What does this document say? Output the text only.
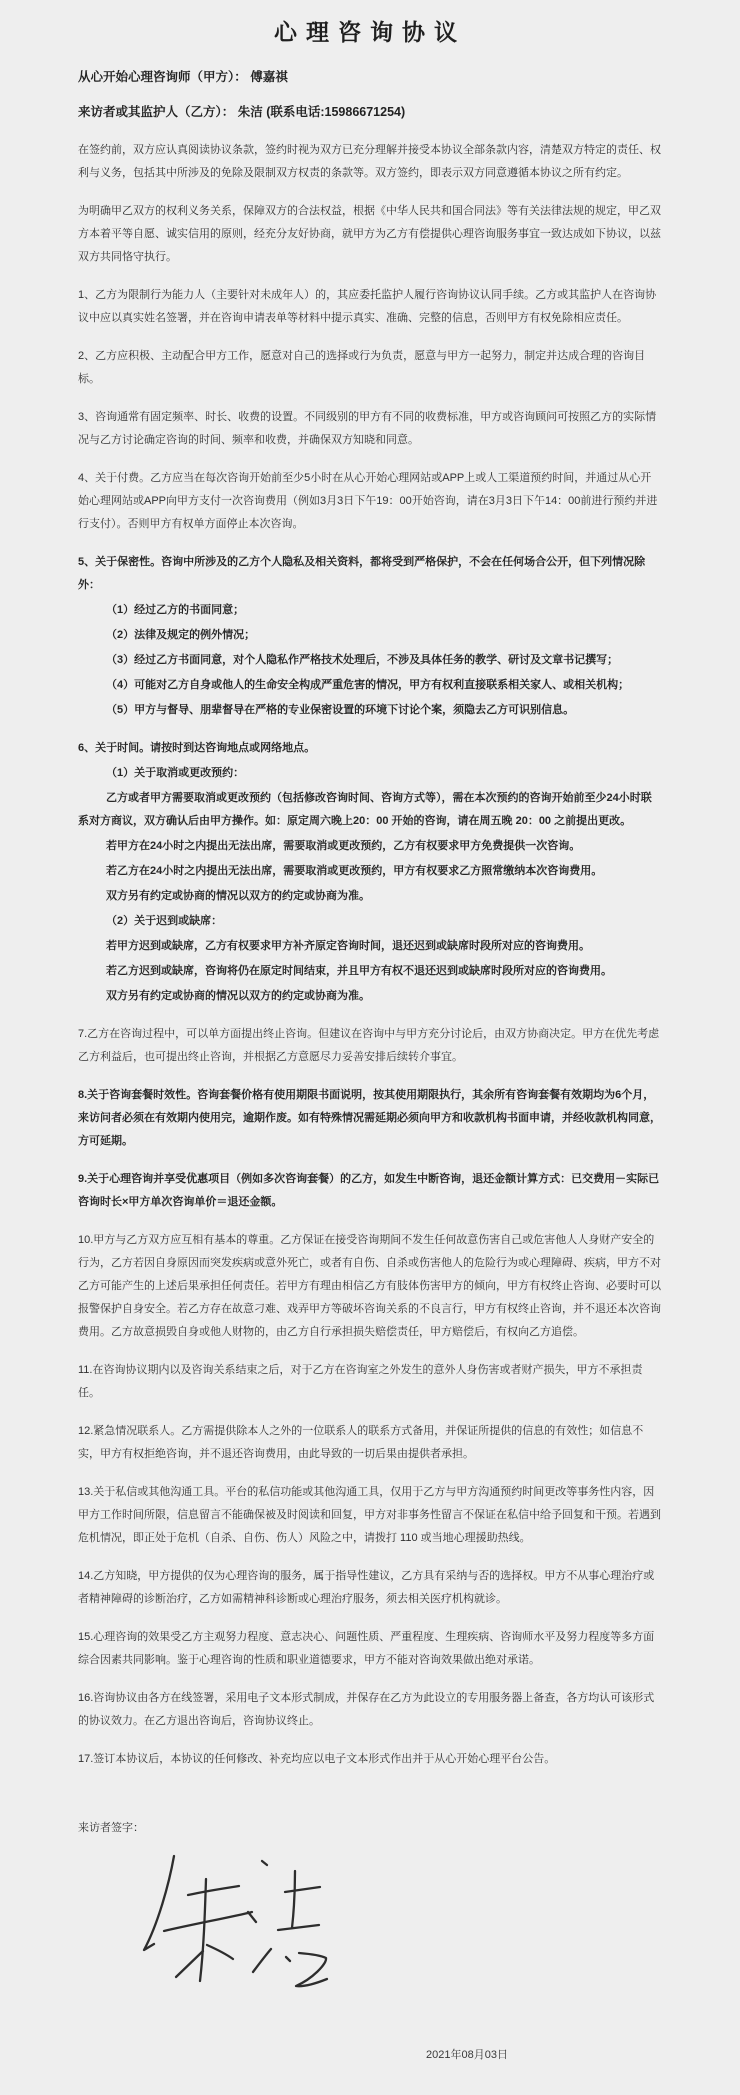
心理咨询协议
从心开始心理咨询师（甲方）： 傅嘉祺
来访者或其监护人（乙方）： 朱洁 (联系电话:15986671254)

在签约前，双方应认真阅读协议条款，签约时视为双方已充分理解并接受本协议全部条款内容，清楚双方特定的责任、权利与义务，包括其中所涉及的免除及限制双方权责的条款等。双方签约，即表示双方同意遵循本协议之所有约定。

为明确甲乙双方的权利义务关系，保障双方的合法权益，根据《中华人民共和国合同法》等有关法律法规的规定，甲乙双方本着平等自愿、诚实信用的原则，经充分友好协商，就甲方为乙方有偿提供心理咨询服务事宜一致达成如下协议，以兹双方共同恪守执行。

1、乙方为限制行为能力人（主要针对未成年人）的，其应委托监护人履行咨询协议认同手续。乙方或其监护人在咨询协议中应以真实姓名签署，并在咨询申请表单等材料中提示真实、准确、完整的信息，否则甲方有权免除相应责任。

2、乙方应积极、主动配合甲方工作，愿意对自己的选择或行为负责，愿意与甲方一起努力，制定并达成合理的咨询目标。

3、咨询通常有固定频率、时长、收费的设置。不同级别的甲方有不同的收费标准，甲方或咨询顾问可按照乙方的实际情况与乙方讨论确定咨询的时间、频率和收费，并确保双方知晓和同意。

4、关于付费。乙方应当在每次咨询开始前至少5小时在从心开始心理网站或APP上或人工渠道预约时间，并通过从心开始心理网站或APP向甲方支付一次咨询费用（例如3月3日下午19：00开始咨询，请在3月3日下午14：00前进行预约并进行支付）。否则甲方有权单方面停止本次咨询。

5、关于保密性。咨询中所涉及的乙方个人隐私及相关资料，都将受到严格保护，不会在任何场合公开，但下列情况除外：

（1）经过乙方的书面同意；

（2）法律及规定的例外情况；

（3）经过乙方书面同意，对个人隐私作严格技术处理后，不涉及具体任务的教学、研讨及文章书记撰写；

（4）可能对乙方自身或他人的生命安全构成严重危害的情况，甲方有权利直接联系相关家人、或相关机构；

（5）甲方与督导、朋辈督导在严格的专业保密设置的环境下讨论个案，须隐去乙方可识别信息。

6、关于时间。请按时到达咨询地点或网络地点。

（1）关于取消或更改预约：

乙方或者甲方需要取消或更改预约（包括修改咨询时间、咨询方式等），需在本次预约的咨询开始前至少24小时联系对方商议，双方确认后由甲方操作。如：原定周六晚上20：00 开始的咨询，请在周五晚 20：00 之前提出更改。

若甲方在24小时之内提出无法出席，需要取消或更改预约，乙方有权要求甲方免费提供一次咨询。

若乙方在24小时之内提出无法出席，需要取消或更改预约，甲方有权要求乙方照常缴纳本次咨询费用。

双方另有约定或协商的情况以双方的约定或协商为准。

（2）关于迟到或缺席：

若甲方迟到或缺席，乙方有权要求甲方补齐原定咨询时间，退还迟到或缺席时段所对应的咨询费用。

若乙方迟到或缺席，咨询将仍在原定时间结束，并且甲方有权不退还迟到或缺席时段所对应的咨询费用。

双方另有约定或协商的情况以双方的约定或协商为准。

7.乙方在咨询过程中，可以单方面提出终止咨询。但建议在咨询中与甲方充分讨论后，由双方协商决定。甲方在优先考虑乙方利益后，也可提出终止咨询，并根据乙方意愿尽力妥善安排后续转介事宜。

8.关于咨询套餐时效性。咨询套餐价格有使用期限书面说明，按其使用期限执行，其余所有咨询套餐有效期均为6个月，来访问者必须在有效期内使用完，逾期作废。如有特殊情况需延期必须向甲方和收款机构书面申请，并经收款机构同意，方可延期。

9.关于心理咨询并享受优惠项目（例如多次咨询套餐）的乙方，如发生中断咨询，退还金额计算方式：已交费用－实际已咨询时长×甲方单次咨询单价＝退还金额。

10.甲方与乙方双方应互相有基本的尊重。乙方保证在接受咨询期间不发生任何故意伤害自己或危害他人人身财产安全的行为，乙方若因自身原因而突发疾病或意外死亡，或者有自伤、自杀或伤害他人的危险行为或心理障碍、疾病，甲方不对乙方可能产生的上述后果承担任何责任。若甲方有理由相信乙方有肢体伤害甲方的倾向，甲方有权终止咨询、必要时可以报警保护自身安全。若乙方存在故意刁难、戏弄甲方等破坏咨询关系的不良言行，甲方有权终止咨询，并不退还本次咨询费用。乙方故意损毁自身或他人财物的，由乙方自行承担损失赔偿责任，甲方赔偿后，有权向乙方追偿。

11.在咨询协议期内以及咨询关系结束之后，对于乙方在咨询室之外发生的意外人身伤害或者财产损失，甲方不承担责任。

12.紧急情况联系人。乙方需提供除本人之外的一位联系人的联系方式备用，并保证所提供的信息的有效性；如信息不实，甲方有权拒绝咨询，并不退还咨询费用，由此导致的一切后果由提供者承担。

13.关于私信或其他沟通工具。平台的私信功能或其他沟通工具，仅用于乙方与甲方沟通预约时间更改等事务性内容，因甲方工作时间所限，信息留言不能确保被及时阅读和回复，甲方对非事务性留言不保证在私信中给予回复和干预。若遇到危机情况，即正处于危机（自杀、自伤、伤人）风险之中，请拨打 110 或当地心理援助热线。

14.乙方知晓，甲方提供的仅为心理咨询的服务，属于指导性建议，乙方具有采纳与否的选择权。甲方不从事心理治疗或者精神障碍的诊断治疗，乙方如需精神科诊断或心理治疗服务，须去相关医疗机构就诊。

15.心理咨询的效果受乙方主观努力程度、意志决心、问题性质、严重程度、生理疾病、咨询师水平及努力程度等多方面综合因素共同影响。鉴于心理咨询的性质和职业道德要求，甲方不能对咨询效果做出绝对承诺。

16.咨询协议由各方在线签署，采用电子文本形式制成，并保存在乙方为此设立的专用服务器上备查，各方均认可该形式的协议效力。在乙方退出咨询后，咨询协议终止。

17.签订本协议后，本协议的任何修改、补充均应以电子文本形式作出并于从心开始心理平台公告。

来访者签字：

2021年08月03日
